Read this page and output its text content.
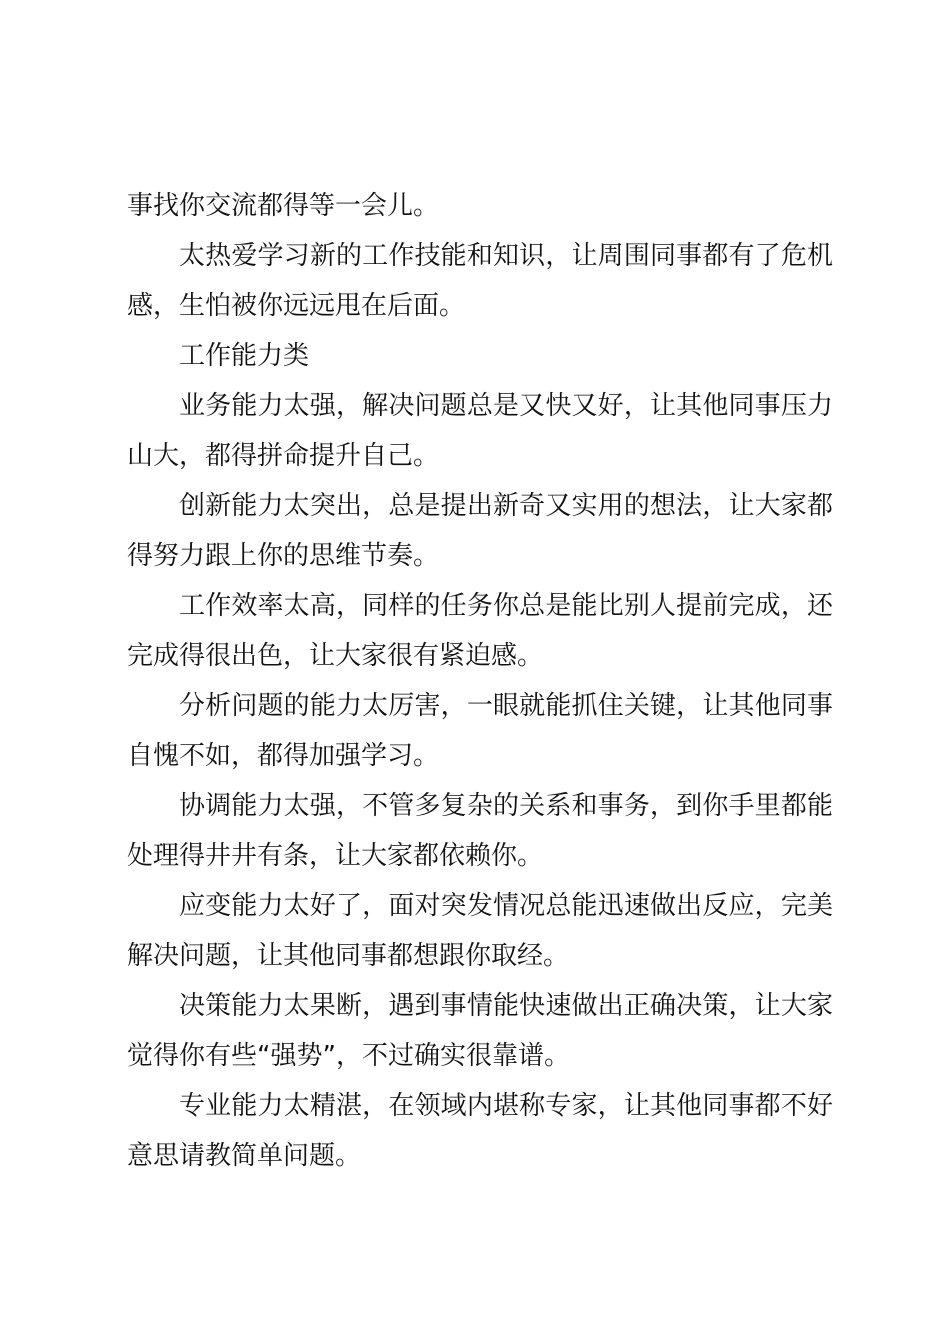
事找你交流都得等一会儿。

太热爱学习新的工作技能和知识，让周围同事都有了危机感，生怕被你远远甩在后面。

工作能力类

业务能力太强，解决问题总是又快又好，让其他同事压力山大，都得拼命提升自己。

创新能力太突出，总是提出新奇又实用的想法，让大家都得努力跟上你的思维节奏。

工作效率太高，同样的任务你总是能比别人提前完成，还完成得很出色，让大家很有紧迫感。

分析问题的能力太厉害，一眼就能抓住关键，让其他同事自愧不如，都得加强学习。

协调能力太强，不管多复杂的关系和事务，到你手里都能处理得井井有条，让大家都依赖你。

应变能力太好了，面对突发情况总能迅速做出反应，完美解决问题，让其他同事都想跟你取经。

决策能力太果断，遇到事情能快速做出正确决策，让大家觉得你有些“强势”，不过确实很靠谱。

专业能力太精湛，在领域内堪称专家，让其他同事都不好意思请教简单问题。
